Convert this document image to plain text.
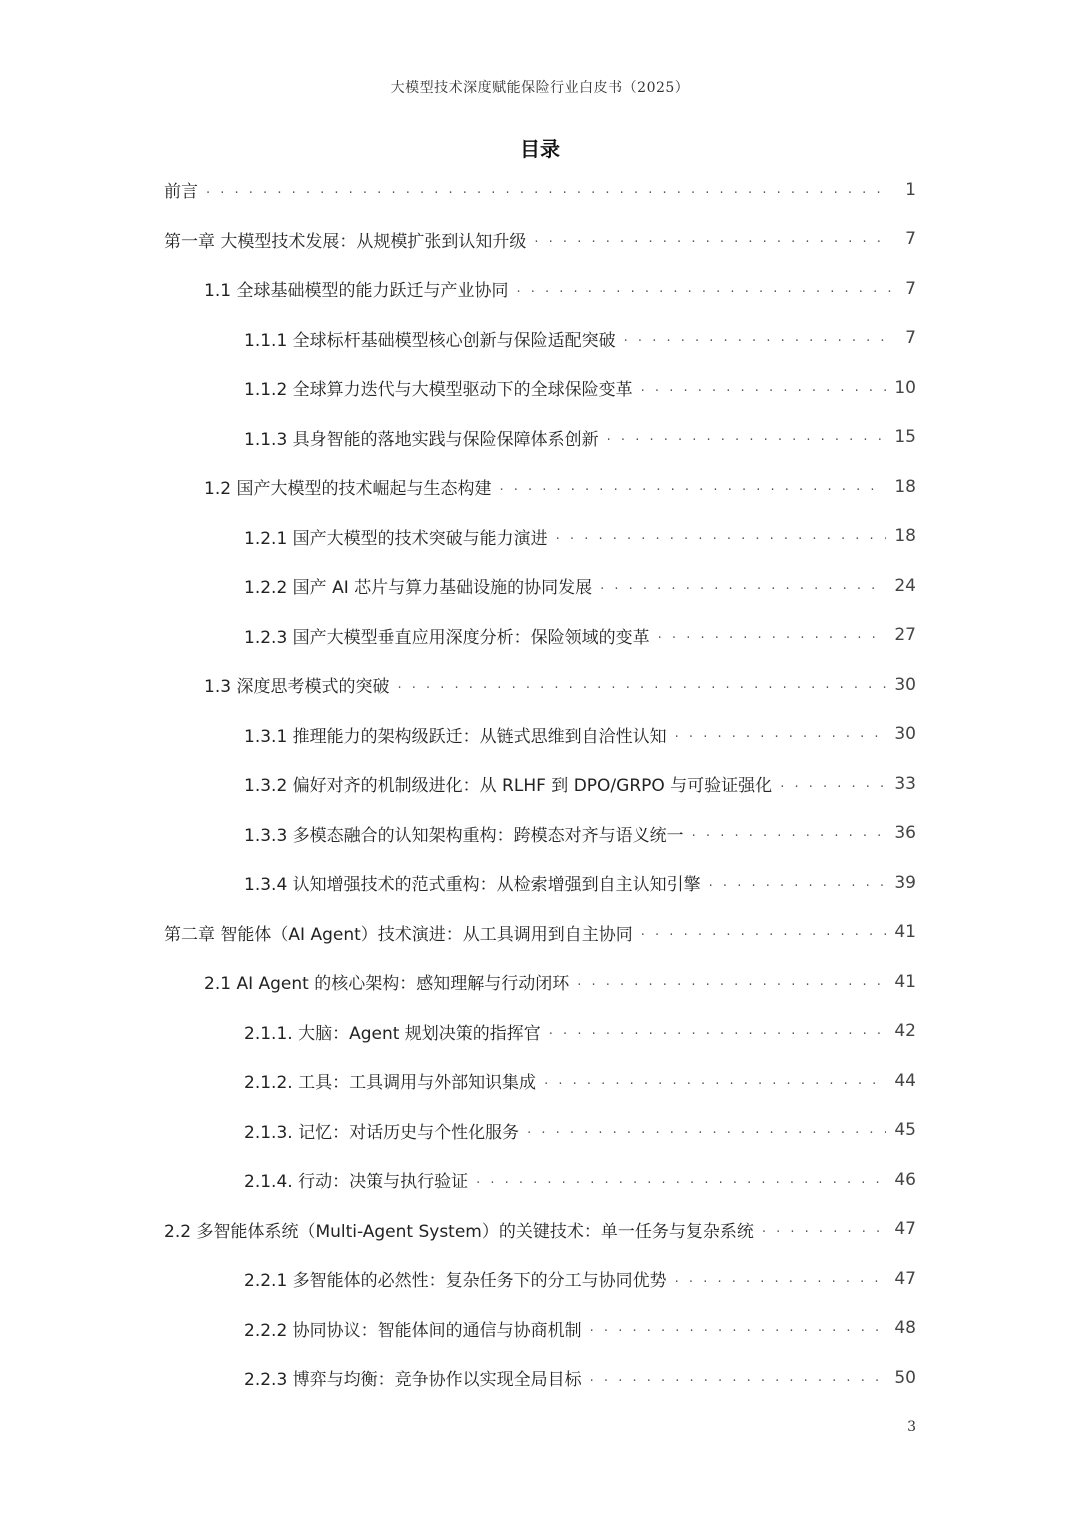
大模型技术深度赋能保险行业白皮书（2025）
目录
前言 . . .	1
第一章 大模型技术发展：从规模扩张到认知升级 . . .	7
1.1 全球基础模型的能力跃迁与产业协同 . . .	7
1.1.1 全球标杆基础模型核心创新与保险适配突破 . . .	7
1.1.2 全球算力迭代与大模型驱动下的全球保险变革 . . .	10
1.1.3 具身智能的落地实践与保险保障体系创新 . . .	15
1.2 国产大模型的技术崛起与生态构建 . . .	18
1.2.1 国产大模型的技术突破与能力演进 . . .	18
1.2.2 国产 AI 芯片与算力基础设施的协同发展 . . .	24
1.2.3 国产大模型垂直应用深度分析：保险领域的变革 . . .	27
1.3 深度思考模式的突破 . . .	30
1.3.1 推理能力的架构级跃迁：从链式思维到自洽性认知 . . .	30
1.3.2 偏好对齐的机制级进化：从 RLHF 到 DPO/GRPO 与可验证强化 . . .	33
1.3.3 多模态融合的认知架构重构：跨模态对齐与语义统一 . . .	36
1.3.4 认知增强技术的范式重构：从检索增强到自主认知引擎 . . .	39
第二章 智能体（AI Agent）技术演进：从工具调用到自主协同 . . .	41
2.1 AI Agent 的核心架构：感知理解与行动闭环 . . .	41
2.1.1. 大脑：Agent 规划决策的指挥官 . . .	42
2.1.2. 工具：工具调用与外部知识集成 . . .	44
2.1.3. 记忆：对话历史与个性化服务 . . .	45
2.1.4. 行动：决策与执行验证 . . .	46
2.2 多智能体系统（Multi-Agent System）的关键技术：单一任务与复杂系统 . . .	47
2.2.1 多智能体的必然性：复杂任务下的分工与协同优势 . . .	47
2.2.2 协同协议：智能体间的通信与协商机制 . . .	48
2.2.3 博弈与均衡：竞争协作以实现全局目标 . . .	50
3
